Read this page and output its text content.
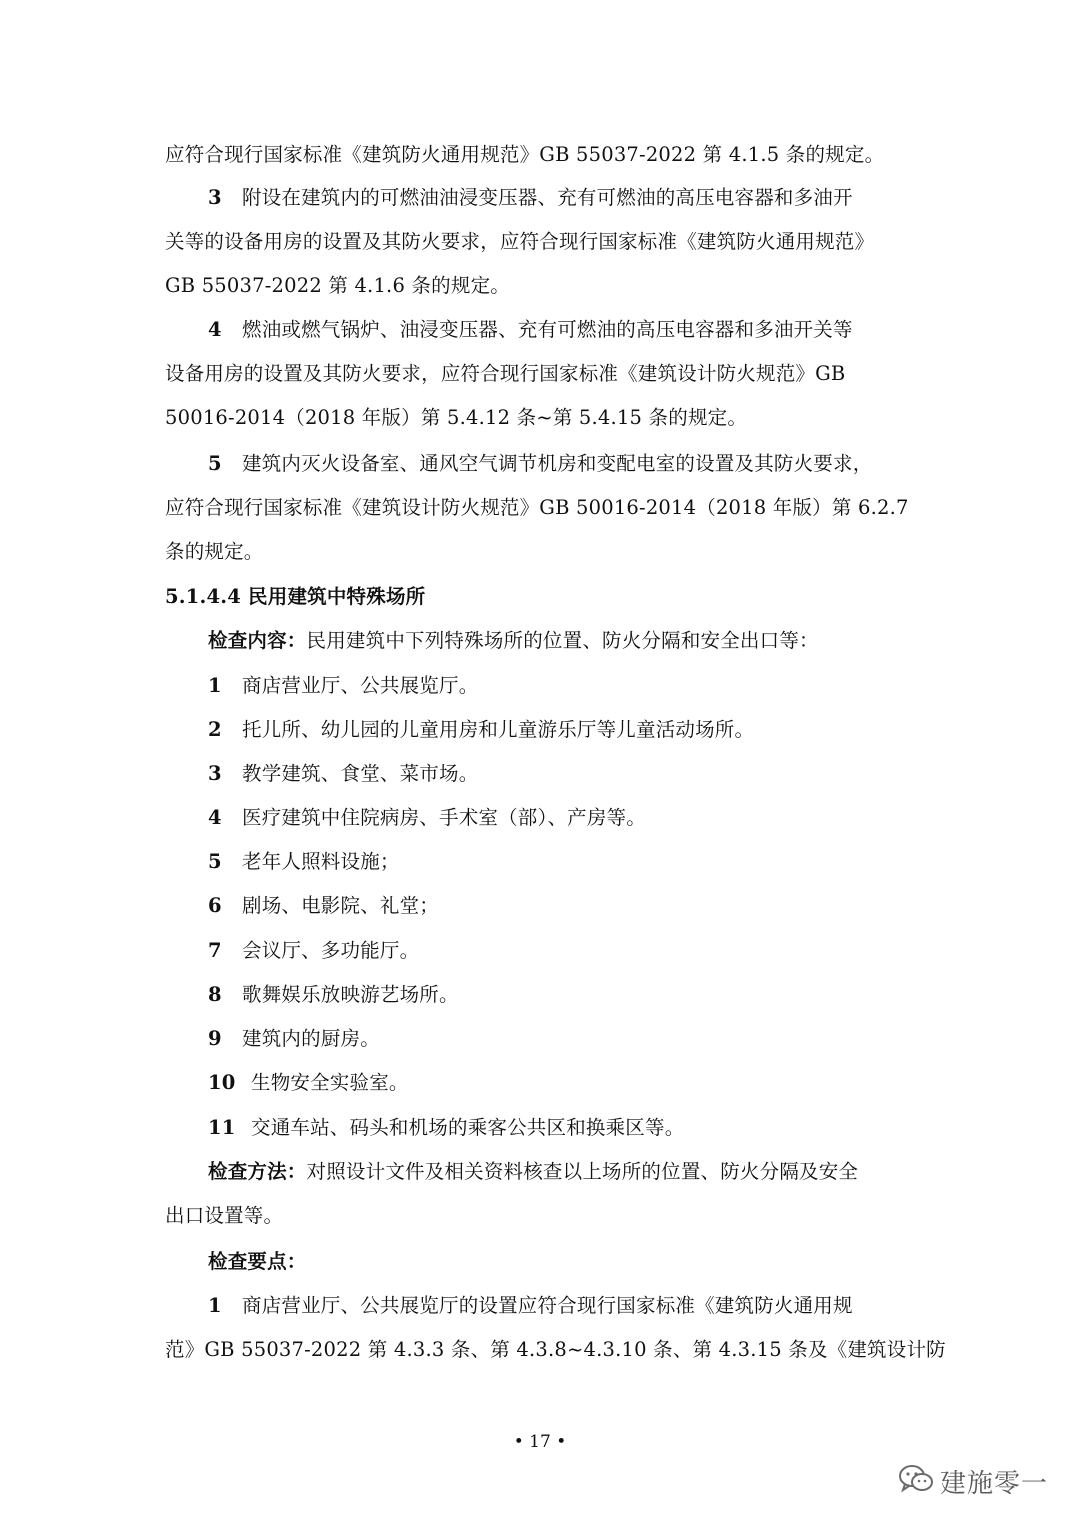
应符合现行国家标准《建筑防火通用规范》GB 55037-2022 第 4.1.5 条的规定。
3 附设在建筑内的可燃油油浸变压器、充有可燃油的高压电容器和多油开
关等的设备用房的设置及其防火要求，应符合现行国家标准《建筑防火通用规范》
GB 55037-2022 第 4.1.6 条的规定。
4 燃油或燃气锅炉、油浸变压器、充有可燃油的高压电容器和多油开关等
设备用房的设置及其防火要求，应符合现行国家标准《建筑设计防火规范》GB
50016-2014（2018 年版）第 5.4.12 条~第 5.4.15 条的规定。
5 建筑内灭火设备室、通风空气调节机房和变配电室的设置及其防火要求，
应符合现行国家标准《建筑设计防火规范》GB 50016-2014（2018 年版）第 6.2.7
条的规定。
5.1.4.4 民用建筑中特殊场所
检查内容：民用建筑中下列特殊场所的位置、防火分隔和安全出口等：
1 商店营业厅、公共展览厅。
2 托儿所、幼儿园的儿童用房和儿童游乐厅等儿童活动场所。
3 教学建筑、食堂、菜市场。
4 医疗建筑中住院病房、手术室（部）、产房等。
5 老年人照料设施；
6 剧场、电影院、礼堂；
7 会议厅、多功能厅。
8 歌舞娱乐放映游艺场所。
9 建筑内的厨房。
10 生物安全实验室。
11 交通车站、码头和机场的乘客公共区和换乘区等。
检查方法：对照设计文件及相关资料核查以上场所的位置、防火分隔及安全
出口设置等。
检查要点：
1 商店营业厅、公共展览厅的设置应符合现行国家标准《建筑防火通用规
范》GB 55037-2022 第 4.3.3 条、第 4.3.8~4.3.10 条、第 4.3.15 条及《建筑设计防
• 17 •
建施零一
